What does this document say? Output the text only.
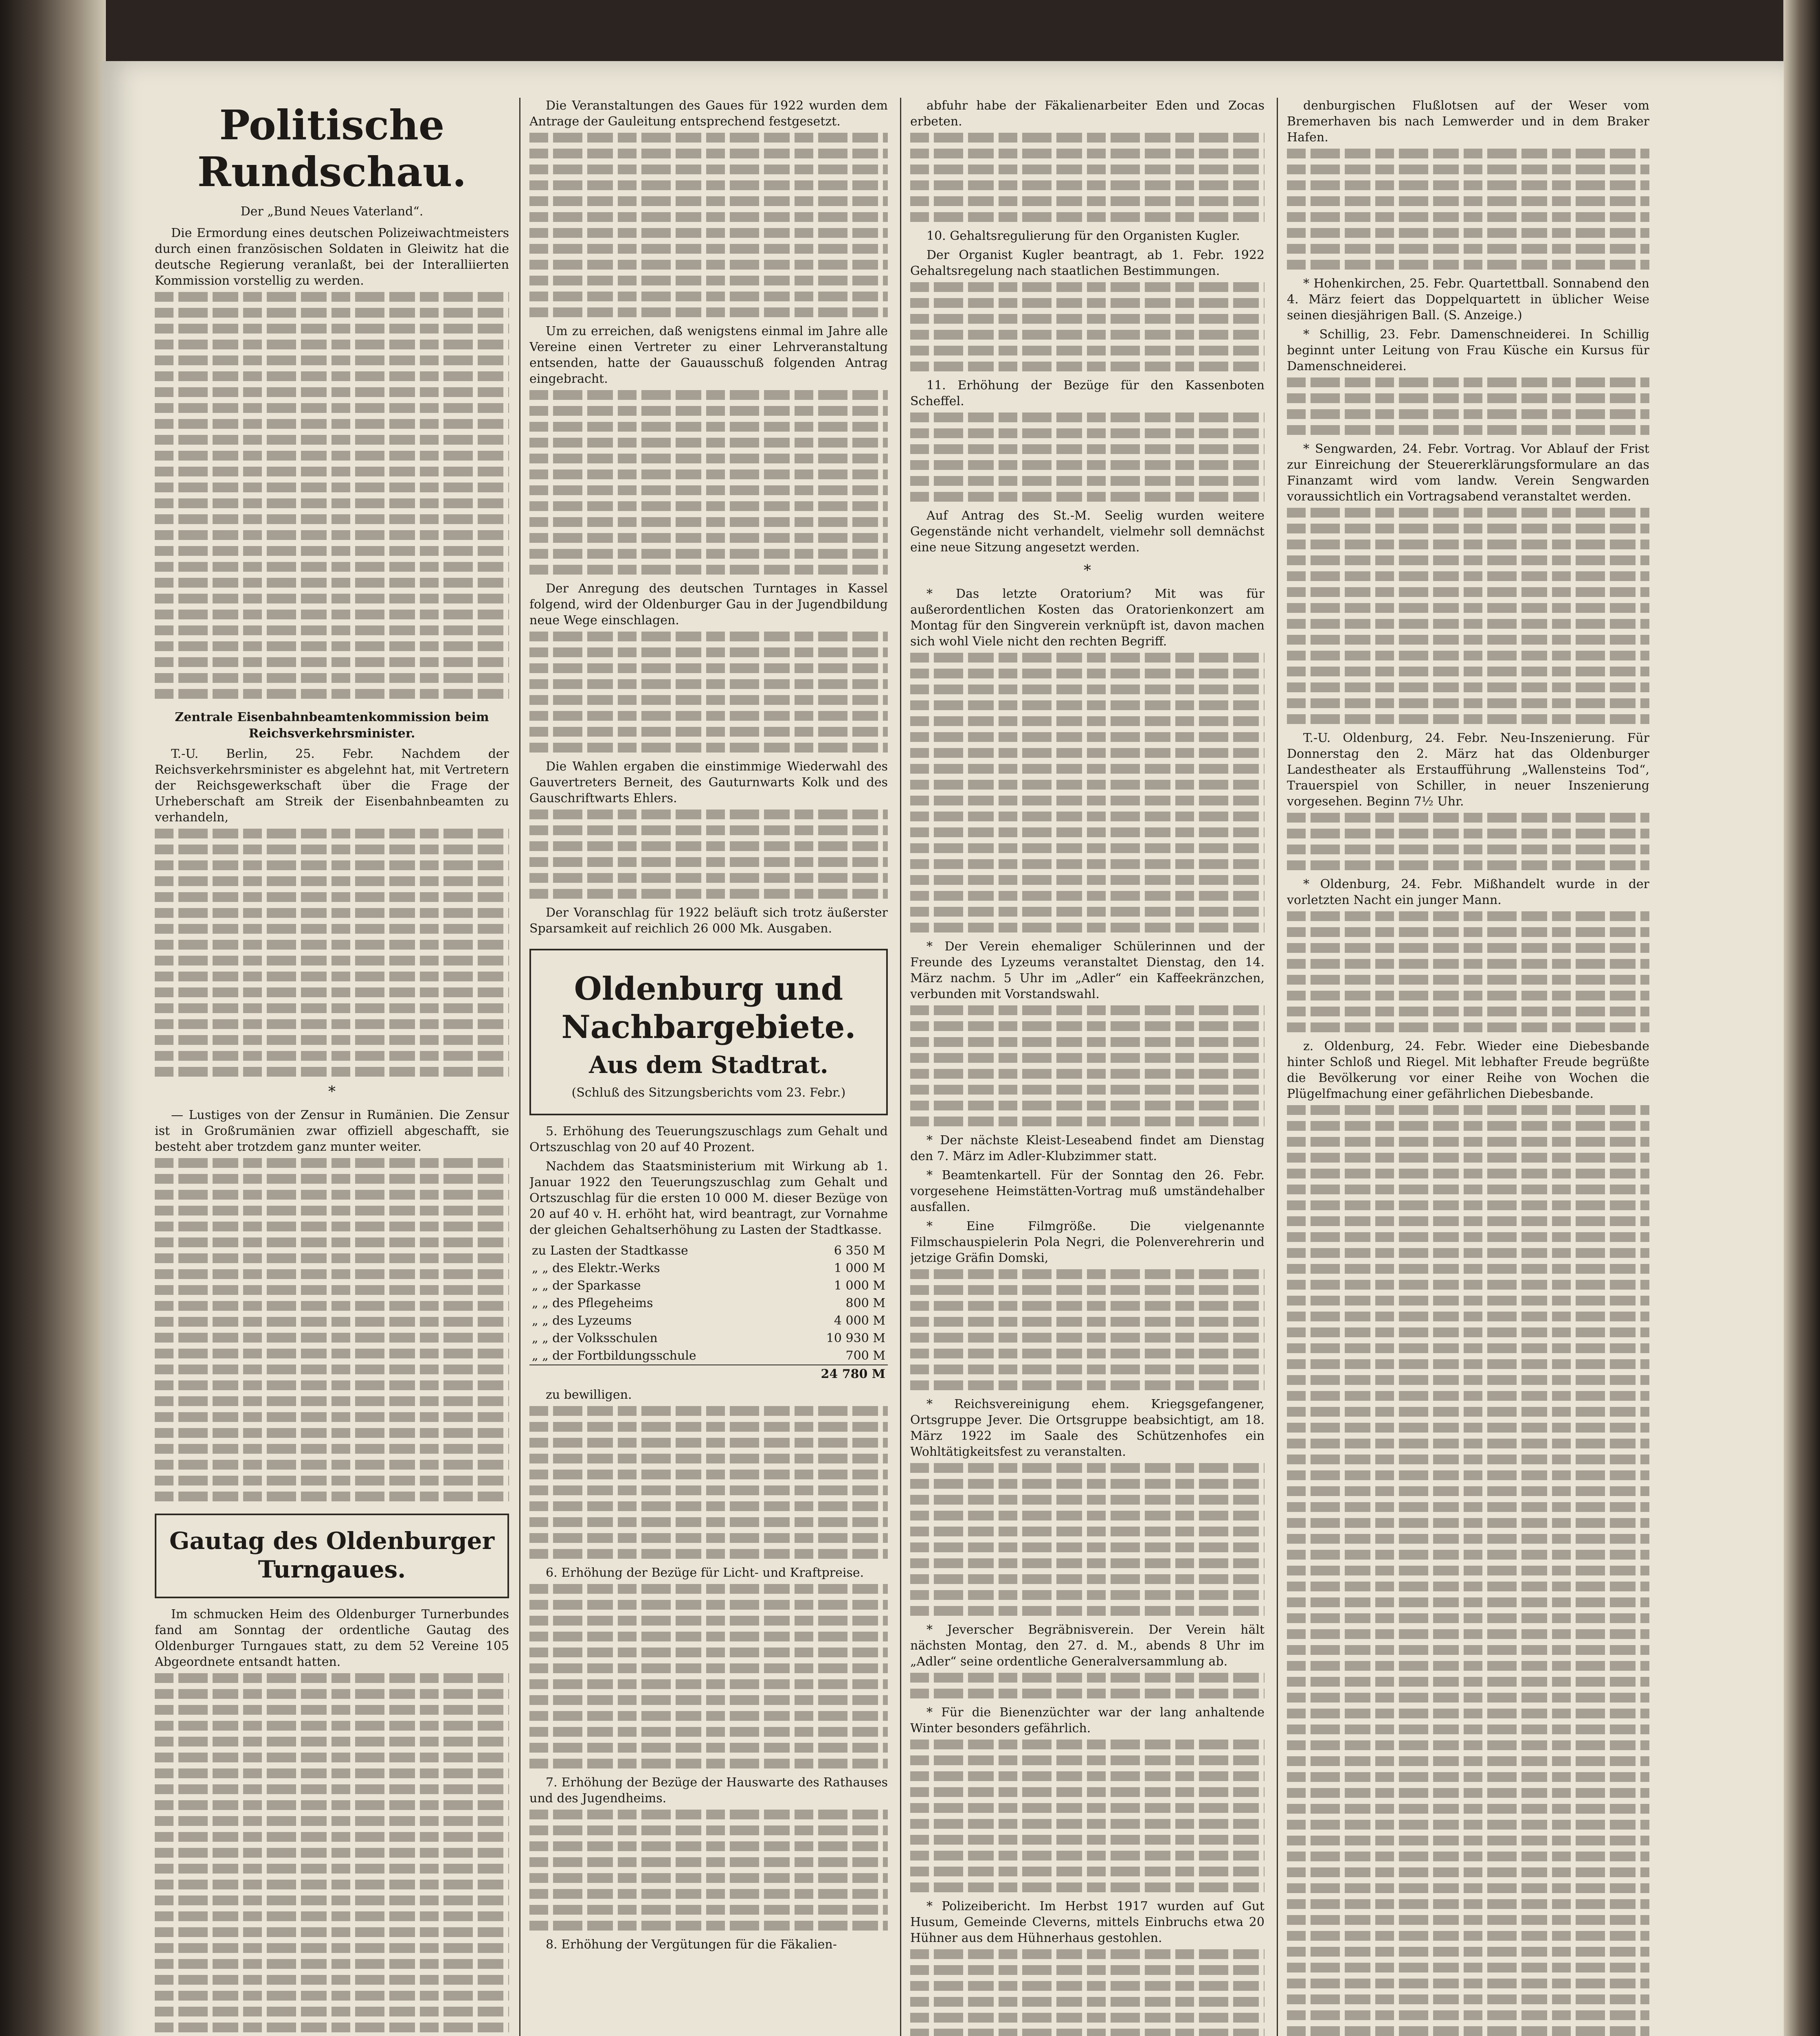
Politische Rundschau.
Der „Bund Neues Vaterland“.

Die Ermordung eines deutschen Polizeiwachtmeisters durch einen französischen Soldaten in Gleiwitz hat die deutsche Regierung veranlaßt, bei der Interalliierten Kommission vorstellig zu werden.

Zentrale Eisenbahnbeamtenkommission beim Reichsverkehrsminister.

T.-U. Berlin, 25. Febr. Nachdem der Reichsverkehrsminister es abgelehnt hat, mit Vertretern der Reichsgewerkschaft über die Frage der Urheberschaft am Streik der Eisenbahnbeamten zu verhandeln,

*

— Lustiges von der Zensur in Rumänien. Die Zensur ist in Großrumänien zwar offiziell abgeschafft, sie besteht aber trotzdem ganz munter weiter.

Gautag des Oldenburger Turngaues.

Im schmucken Heim des Oldenburger Turnerbundes fand am Sonntag der ordentliche Gautag des Oldenburger Turngaues statt, zu dem 52 Vereine 105 Abgeordnete entsandt hatten.

Die Veranstaltungen des Gaues für 1922 wurden dem Antrage der Gauleitung entsprechend festgesetzt.

Um zu erreichen, daß wenigstens einmal im Jahre alle Vereine einen Vertreter zu einer Lehrveranstaltung entsenden, hatte der Gauausschuß folgenden Antrag eingebracht.

Der Anregung des deutschen Turntages in Kassel folgend, wird der Oldenburger Gau in der Jugendbildung neue Wege einschlagen.

Die Wahlen ergaben die einstimmige Wiederwahl des Gauvertreters Berneit, des Gauturnwarts Kolk und des Gauschriftwarts Ehlers.

Der Voranschlag für 1922 beläuft sich trotz äußerster Sparsamkeit auf reichlich 26 000 Mk. Ausgaben.

Oldenburg und Nachbargebiete.
Aus dem Stadtrat.
(Schluß des Sitzungsberichts vom 23. Febr.)

5. Erhöhung des Teuerungszuschlags zum Gehalt und Ortszuschlag von 20 auf 40 Prozent.

Nachdem das Staatsministerium mit Wirkung ab 1. Januar 1922 den Teuerungszuschlag zum Gehalt und Ortszuschlag für die ersten 10 000 M. dieser Bezüge von 20 auf 40 v. H. erhöht hat, wird beantragt, zur Vornahme der gleichen Gehaltserhöhung zu Lasten der Stadtkasse.

zu Lasten der Stadtkasse	6 350 M
„ „ des Elektr.-Werks	1 000 M
„ „ der Sparkasse	1 000 M
„ „ des Pflegeheims	800 M
„ „ des Lyzeums	4 000 M
„ „ der Volksschulen	10 930 M
„ „ der Fortbildungsschule	700 M
	24 780 M

zu bewilligen.

6. Erhöhung der Bezüge für Licht- und Kraftpreise.

7. Erhöhung der Bezüge der Hauswarte des Rathauses und des Jugendheims.

8. Erhöhung der Vergütungen für die Fäkalien-

abfuhr habe der Fäkalienarbeiter Eden und Zocas erbeten.

10. Gehaltsregulierung für den Organisten Kugler.

Der Organist Kugler beantragt, ab 1. Febr. 1922 Gehaltsregelung nach staatlichen Bestimmungen.

11. Erhöhung der Bezüge für den Kassenboten Scheffel.

Auf Antrag des St.-M. Seelig wurden weitere Gegenstände nicht verhandelt, vielmehr soll demnächst eine neue Sitzung angesetzt werden.

*

* Das letzte Oratorium? Mit was für außerordentlichen Kosten das Oratorienkonzert am Montag für den Singverein verknüpft ist, davon machen sich wohl Viele nicht den rechten Begriff.

* Der Verein ehemaliger Schülerinnen und der Freunde des Lyzeums veranstaltet Dienstag, den 14. März nachm. 5 Uhr im „Adler“ ein Kaffeekränzchen, verbunden mit Vorstandswahl.

* Der nächste Kleist-Leseabend findet am Dienstag den 7. März im Adler-Klubzimmer statt.

* Beamtenkartell. Für der Sonntag den 26. Febr. vorgesehene Heimstätten-Vortrag muß umständehalber ausfallen.

* Eine Filmgröße. Die vielgenannte Filmschauspielerin Pola Negri, die Polenverehrerin und jetzige Gräfin Domski,

* Reichsvereinigung ehem. Kriegsgefangener, Ortsgruppe Jever. Die Ortsgruppe beabsichtigt, am 18. März 1922 im Saale des Schützenhofes ein Wohltätigkeitsfest zu veranstalten.

* Jeverscher Begräbnisverein. Der Verein hält nächsten Montag, den 27. d. M., abends 8 Uhr im „Adler“ seine ordentliche Generalversammlung ab.

* Für die Bienenzüchter war der lang anhaltende Winter besonders gefährlich.

* Polizeibericht. Im Herbst 1917 wurden auf Gut Husum, Gemeinde Cleverns, mittels Einbruchs etwa 20 Hühner aus dem Hühnerhaus gestohlen.

denburgischen Flußlotsen auf der Weser vom Bremerhaven bis nach Lemwerder und in dem Braker Hafen.

* Hohenkirchen, 25. Febr. Quartettball. Sonnabend den 4. März feiert das Doppelquartett in üblicher Weise seinen diesjährigen Ball. (S. Anzeige.)

* Schillig, 23. Febr. Damenschneiderei. In Schillig beginnt unter Leitung von Frau Küsche ein Kursus für Damenschneiderei.

* Sengwarden, 24. Febr. Vortrag. Vor Ablauf der Frist zur Einreichung der Steuererklärungsformulare an das Finanzamt wird vom landw. Verein Sengwarden voraussichtlich ein Vortragsabend veranstaltet werden.

T.-U. Oldenburg, 24. Febr. Neu-Inszenierung. Für Donnerstag den 2. März hat das Oldenburger Landestheater als Erstaufführung „Wallensteins Tod“, Trauerspiel von Schiller, in neuer Inszenierung vorgesehen. Beginn 7½ Uhr.

* Oldenburg, 24. Febr. Mißhandelt wurde in der vorletzten Nacht ein junger Mann.

z. Oldenburg, 24. Febr. Wieder eine Diebesbande hinter Schloß und Riegel. Mit lebhafter Freude begrüßte die Bevölkerung vor einer Reihe von Wochen die Plügelfmachung einer gefährlichen Diebesbande.
